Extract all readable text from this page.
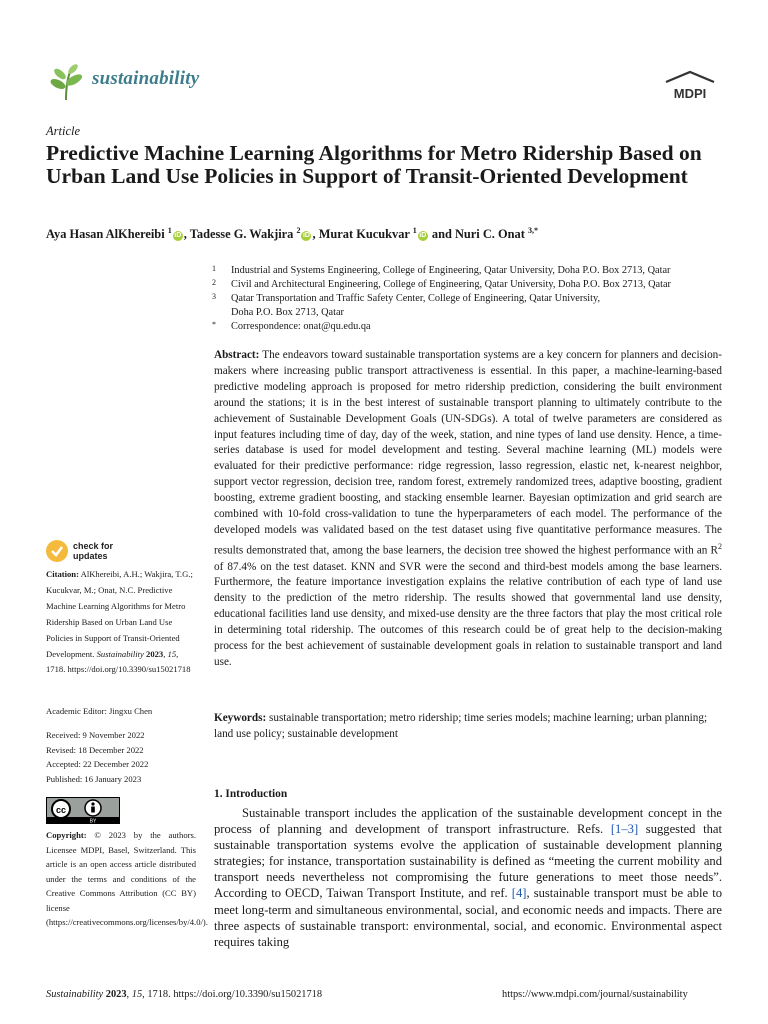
sustainability
MDPI
Article
Predictive Machine Learning Algorithms for Metro Ridership Based on Urban Land Use Policies in Support of Transit-Oriented Development
Aya Hasan AlKhereibi $^1$iD , Tadesse G. Wakjira $^2$iD , Murat Kucukvar $^1$iD and Nuri C. Onat $^{3,*}$
1 Industrial and Systems Engineering, College of Engineering, Qatar University, Doha P.O. Box 2713, Qatar
2 Civil and Architectural Engineering, College of Engineering, Qatar University, Doha P.O. Box 2713, Qatar
3 Qatar Transportation and Traffic Safety Center, College of Engineering, Qatar University,
Doha P.O. Box 2713, Qatar
* Correspondence: onat@qu.edu.qa
Abstract: The endeavors toward sustainable transportation systems are a key concern for planners and decision-makers where increasing public transport attractiveness is essential. In this paper, a machine-learning-based predictive modeling approach is proposed for metro ridership prediction, considering the built environment around the stations; it is in the best interest of sustainable transport planning to ultimately contribute to the achievement of Sustainable Development Goals (UN-SDGs). A total of twelve parameters are considered as input features including time of day, day of the week, station, and nine types of land use density. Hence, a time-series database is used for model development and testing. Several machine learning (ML) models were evaluated for their predictive performance: ridge regression, lasso regression, elastic net, k-nearest neighbor, support vector regression, decision tree, random forest, extremely randomized trees, adaptive boosting, gradient boosting, extreme gradient boosting, and stacking ensemble learner. Bayesian optimization and grid search are combined with 10-fold cross-validation to tune the hyperparameters of each model. The performance of the developed models was validated based on the test dataset using five quantitative performance measures. The results demonstrated that, among the base learners, the decision tree showed the highest performance with an $R^2$ of 87.4% on the test dataset. KNN and SVR were the second and third-best models among the base learners. Furthermore, the feature importance investigation explains the relative contribution of each type of land use density to the prediction of the metro ridership. The results showed that governmental land use density, educational facilities land use density, and mixed-use density are the three factors that play the most critical role in determining total ridership. The outcomes of this research could be of great help to the decision-making process for the best achievement of sustainable development goals in relation to sustainable transport and land use.
Keywords: sustainable transportation; metro ridership; time series models; machine learning; urban planning; land use policy; sustainable development
check for
updates
Citation: AlKhereibi, A.H.; Wakjira, T.G.; Kucukvar, M.; Onat, N.C. Predictive Machine Learning Algorithms for Metro Ridership Based on Urban Land Use Policies in Support of Transit-Oriented Development. Sustainability 2023, 15, 1718. https://doi.org/10.3390/su15021718
Academic Editor: Jingxu Chen
Received: 9 November 2022
Revised: 18 December 2022
Accepted: 22 December 2022
Published: 16 January 2023
cc
BY
Copyright: © 2023 by the authors. Licensee MDPI, Basel, Switzerland. This article is an open access article distributed under the terms and conditions of the Creative Commons Attribution (CC BY) license (https://creativecommons.org/licenses/by/4.0/).
1. Introduction
Sustainable transport includes the application of the sustainable development concept in the process of planning and development of transport infrastructure. Refs. [1–3] suggested that sustainable transportation systems evolve the application of sustainable development planning strategies; for instance, transportation sustainability is defined as “meeting the current mobility and transport needs nevertheless not compromising the future generations to meet those needs”. According to OECD, Taiwan Transport Institute, and ref. [4], sustainable transport must be able to meet long-term and simultaneous environmental, social, and economic needs and impacts. There are three aspects of sustainable transport: environmental, social, and economic. Environmental aspect requires taking
Sustainability 2023, 15, 1718. https://doi.org/10.3390/su15021718	https://www.mdpi.com/journal/sustainability
